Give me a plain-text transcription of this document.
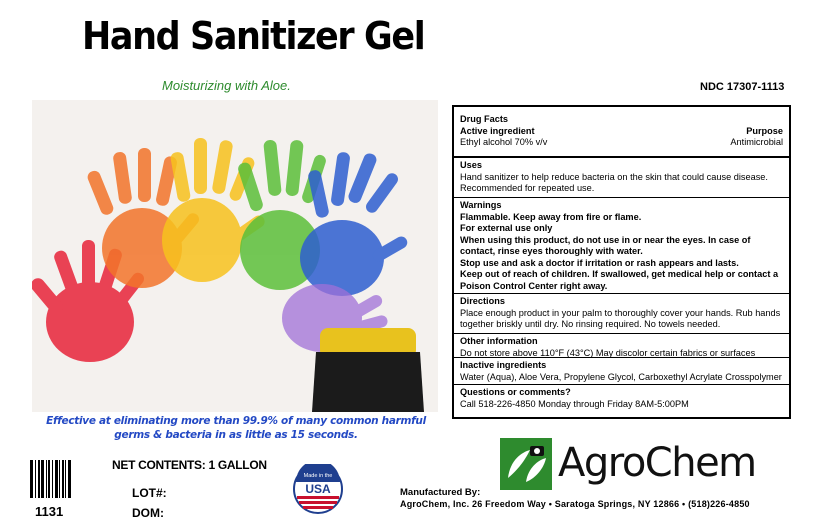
Hand Sanitizer Gel
Moisturizing with Aloe.	NDC 17307-1113
Effective at eliminating more than 99.9% of many common harmful germs & bacteria in as little as 15 seconds.
Drug Facts
Active ingredient	Purpose
Ethyl alcohol 70% v/v	Antimicrobial
Uses
Hand sanitizer to help reduce bacteria on the skin that could cause disease.
Recommended for repeated use.
Warnings
Flammable. Keep away from fire or flame.
For external use only
When using this product, do not use in or near the eyes. In case of
contact, rinse eyes thoroughly with water.
Stop use and ask a doctor if irritation or rash appears and lasts.
Keep out of reach of children. If swallowed, get medical help or contact a
Poison Control Center right away.
Directions
Place enough product in your palm to thoroughly cover your hands. Rub hands
together briskly until dry. No rinsing required. No towels needed.
Other information
Do not store above 110°F (43°C) May discolor certain fabrics or surfaces
Inactive ingredients
Water (Aqua), Aloe Vera, Propylene Glycol, Carboxethyl Acrylate Crosspolymer
Questions or comments?
Call 518-226-4850 Monday through Friday 8AM-5:00PM
1131
NET CONTENTS: 1 GALLON
LOT#:
DOM:
Made in the
USA	Manufactured By:
AgroChem, Inc. 26 Freedom Way • Saratoga Springs, NY 12866 • (518)226-4850
AgroChem
